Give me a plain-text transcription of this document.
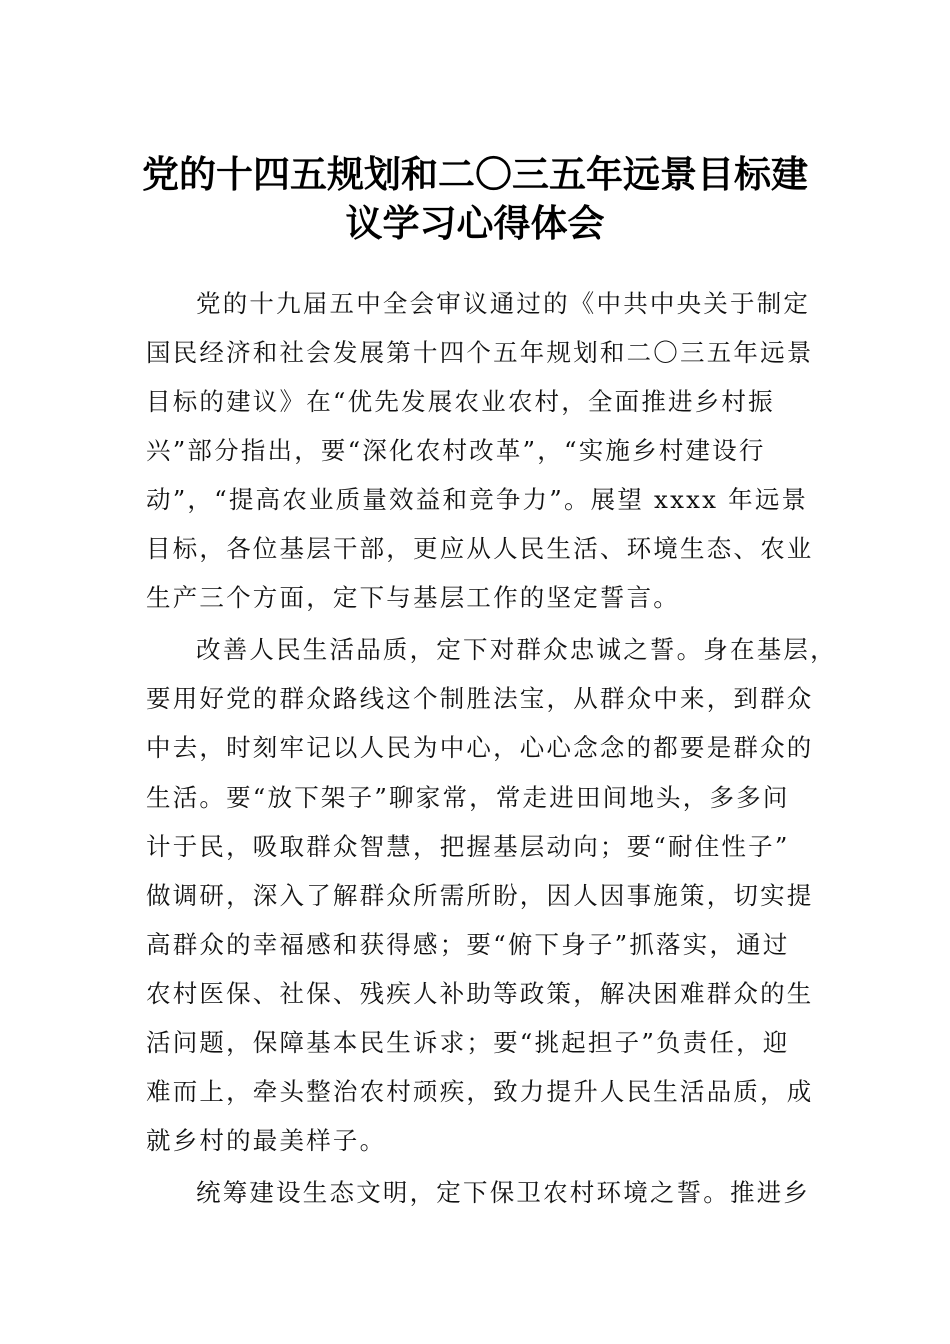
党的十四五规划和二〇三五年远景目标建
议学习心得体会
党的十九届五中全会审议通过的《中共中央关于制定
国民经济和社会发展第十四个五年规划和二〇三五年远景
目标的建议》在“优先发展农业农村，全面推进乡村振
兴”部分指出，要“深化农村改革”，“实施乡村建设行
动”，“提高农业质量效益和竞争力”。展望 xxxx 年远景
目标，各位基层干部，更应从人民生活、环境生态、农业
生产三个方面，定下与基层工作的坚定誓言。
改善人民生活品质，定下对群众忠诚之誓。身在基层，
要用好党的群众路线这个制胜法宝，从群众中来，到群众
中去，时刻牢记以人民为中心，心心念念的都要是群众的
生活。要“放下架子”聊家常，常走进田间地头，多多问
计于民，吸取群众智慧，把握基层动向；要“耐住性子”
做调研，深入了解群众所需所盼，因人因事施策，切实提
高群众的幸福感和获得感；要“俯下身子”抓落实，通过
农村医保、社保、残疾人补助等政策，解决困难群众的生
活问题，保障基本民生诉求；要“挑起担子”负责任，迎
难而上，牵头整治农村顽疾，致力提升人民生活品质，成
就乡村的最美样子。
统筹建设生态文明，定下保卫农村环境之誓。推进乡
